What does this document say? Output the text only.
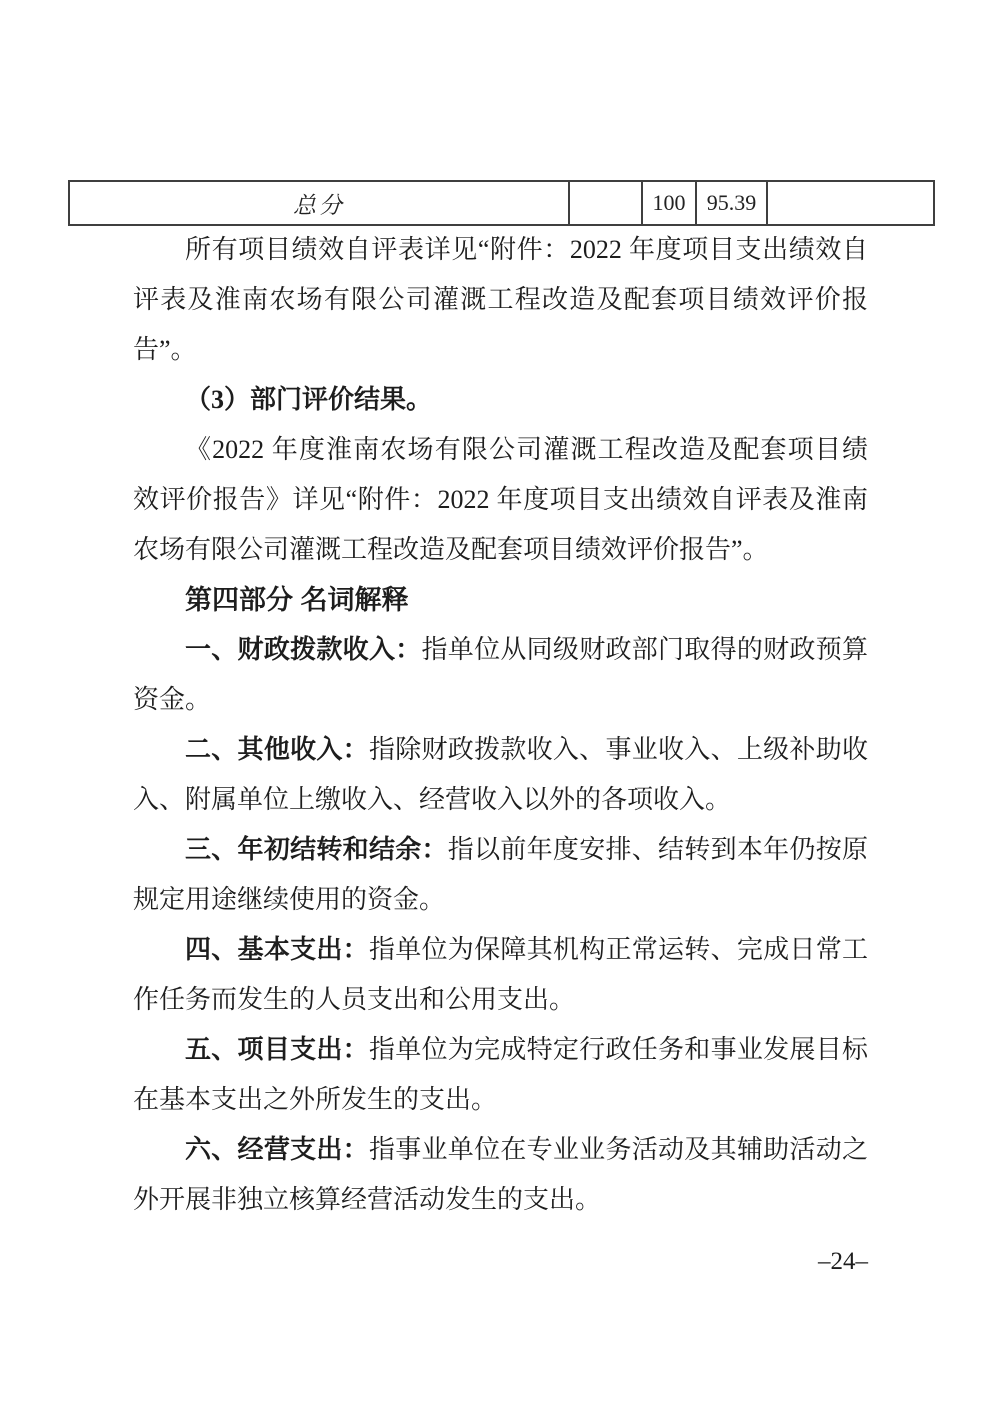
总分	100 95.39
所有项目绩效自评表详见“附件：2022 年度项目支出绩效自
评表及淮南农场有限公司灌溉工程改造及配套项目绩效评价报
告”。
（3）部门评价结果。
《2022 年度淮南农场有限公司灌溉工程改造及配套项目绩
效评价报告》详见“附件：2022 年度项目支出绩效自评表及淮南
农场有限公司灌溉工程改造及配套项目绩效评价报告”。
第四部分 名词解释
一、财政拨款收入：指单位从同级财政部门取得的财政预算
资金。
二、其他收入：指除财政拨款收入、事业收入、上级补助收
入、附属单位上缴收入、经营收入以外的各项收入。
三、年初结转和结余：指以前年度安排、结转到本年仍按原
规定用途继续使用的资金。
四、基本支出：指单位为保障其机构正常运转、完成日常工
作任务而发生的人员支出和公用支出。
五、项目支出：指单位为完成特定行政任务和事业发展目标
在基本支出之外所发生的支出。
六、经营支出：指事业单位在专业业务活动及其辅助活动之
外开展非独立核算经营活动发生的支出。
–24–
